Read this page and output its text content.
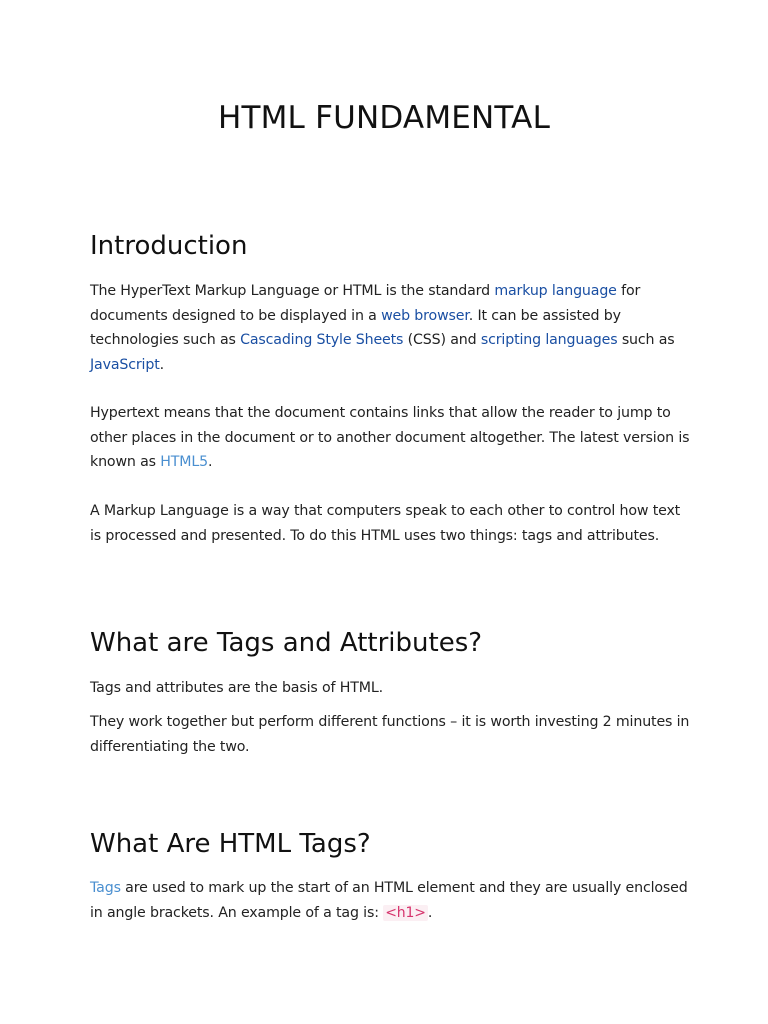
HTML FUNDAMENTAL
Introduction

The HyperText Markup Language or HTML is the standard markup language for documents designed to be displayed in a web browser. It can be assisted by technologies such as Cascading Style Sheets (CSS) and scripting languages such as JavaScript.

Hypertext means that the document contains links that allow the reader to jump to other places in the document or to another document altogether. The latest version is known as HTML5.

A Markup Language is a way that computers speak to each other to control how text is processed and presented. To do this HTML uses two things: tags and attributes.

What are Tags and Attributes?

Tags and attributes are the basis of HTML.

They work together but perform different functions – it is worth investing 2 minutes in differentiating the two.

What Are HTML Tags?

Tags are used to mark up the start of an HTML element and they are usually enclosed in angle brackets. An example of a tag is: <h1> .
